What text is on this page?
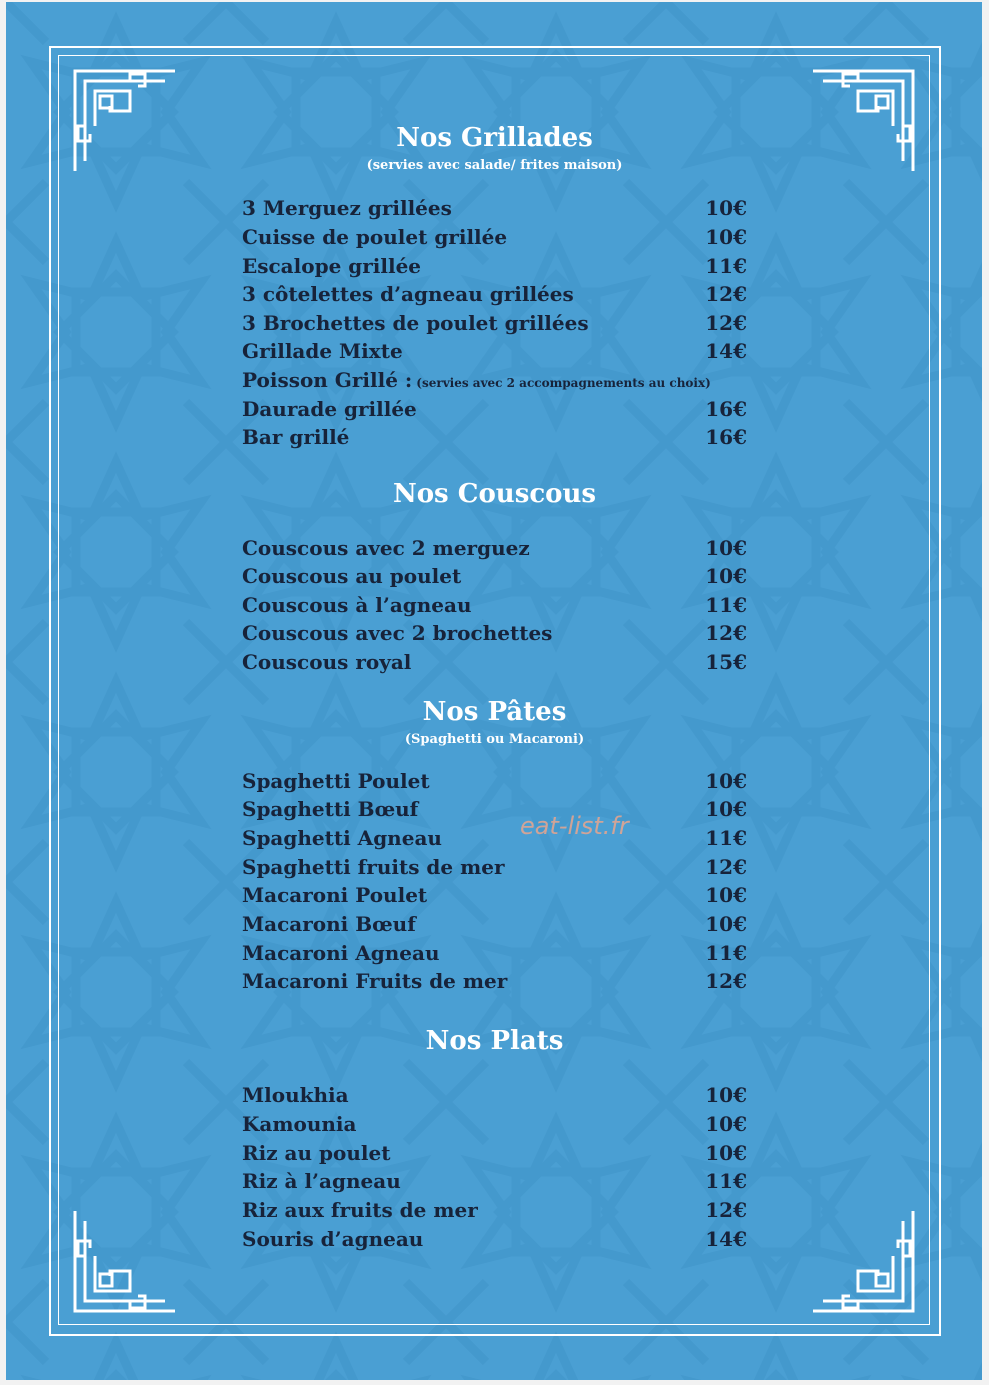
Nos Grillades
(servies avec salade/ frites maison)
3 Merguez grillées	10€
Cuisse de poulet grillée	10€
Escalope grillée	11€
3 côtelettes d’agneau grillées	12€
3 Brochettes de poulet grillées	12€
Grillade Mixte	14€
Poisson Grillé : (servies avec 2 accompagnements au choix)
Daurade grillée	16€
Bar grillé	16€
Nos Couscous
Couscous avec 2 merguez	10€
Couscous au poulet	10€
Couscous à l’agneau	11€
Couscous avec 2 brochettes	12€
Couscous royal	15€
Nos Pâtes
(Spaghetti ou Macaroni)
Spaghetti Poulet	10€
Spaghetti Bœuf	10€
Spaghetti Agneau	11€
Spaghetti fruits de mer	12€
Macaroni Poulet	10€
Macaroni Bœuf	10€
Macaroni Agneau	11€
Macaroni Fruits de mer	12€
Nos Plats
Mloukhia	10€
Kamounia	10€
Riz au poulet	10€
Riz à l’agneau	11€
Riz aux fruits de mer	12€
Souris d’agneau	14€
eat-list.fr
